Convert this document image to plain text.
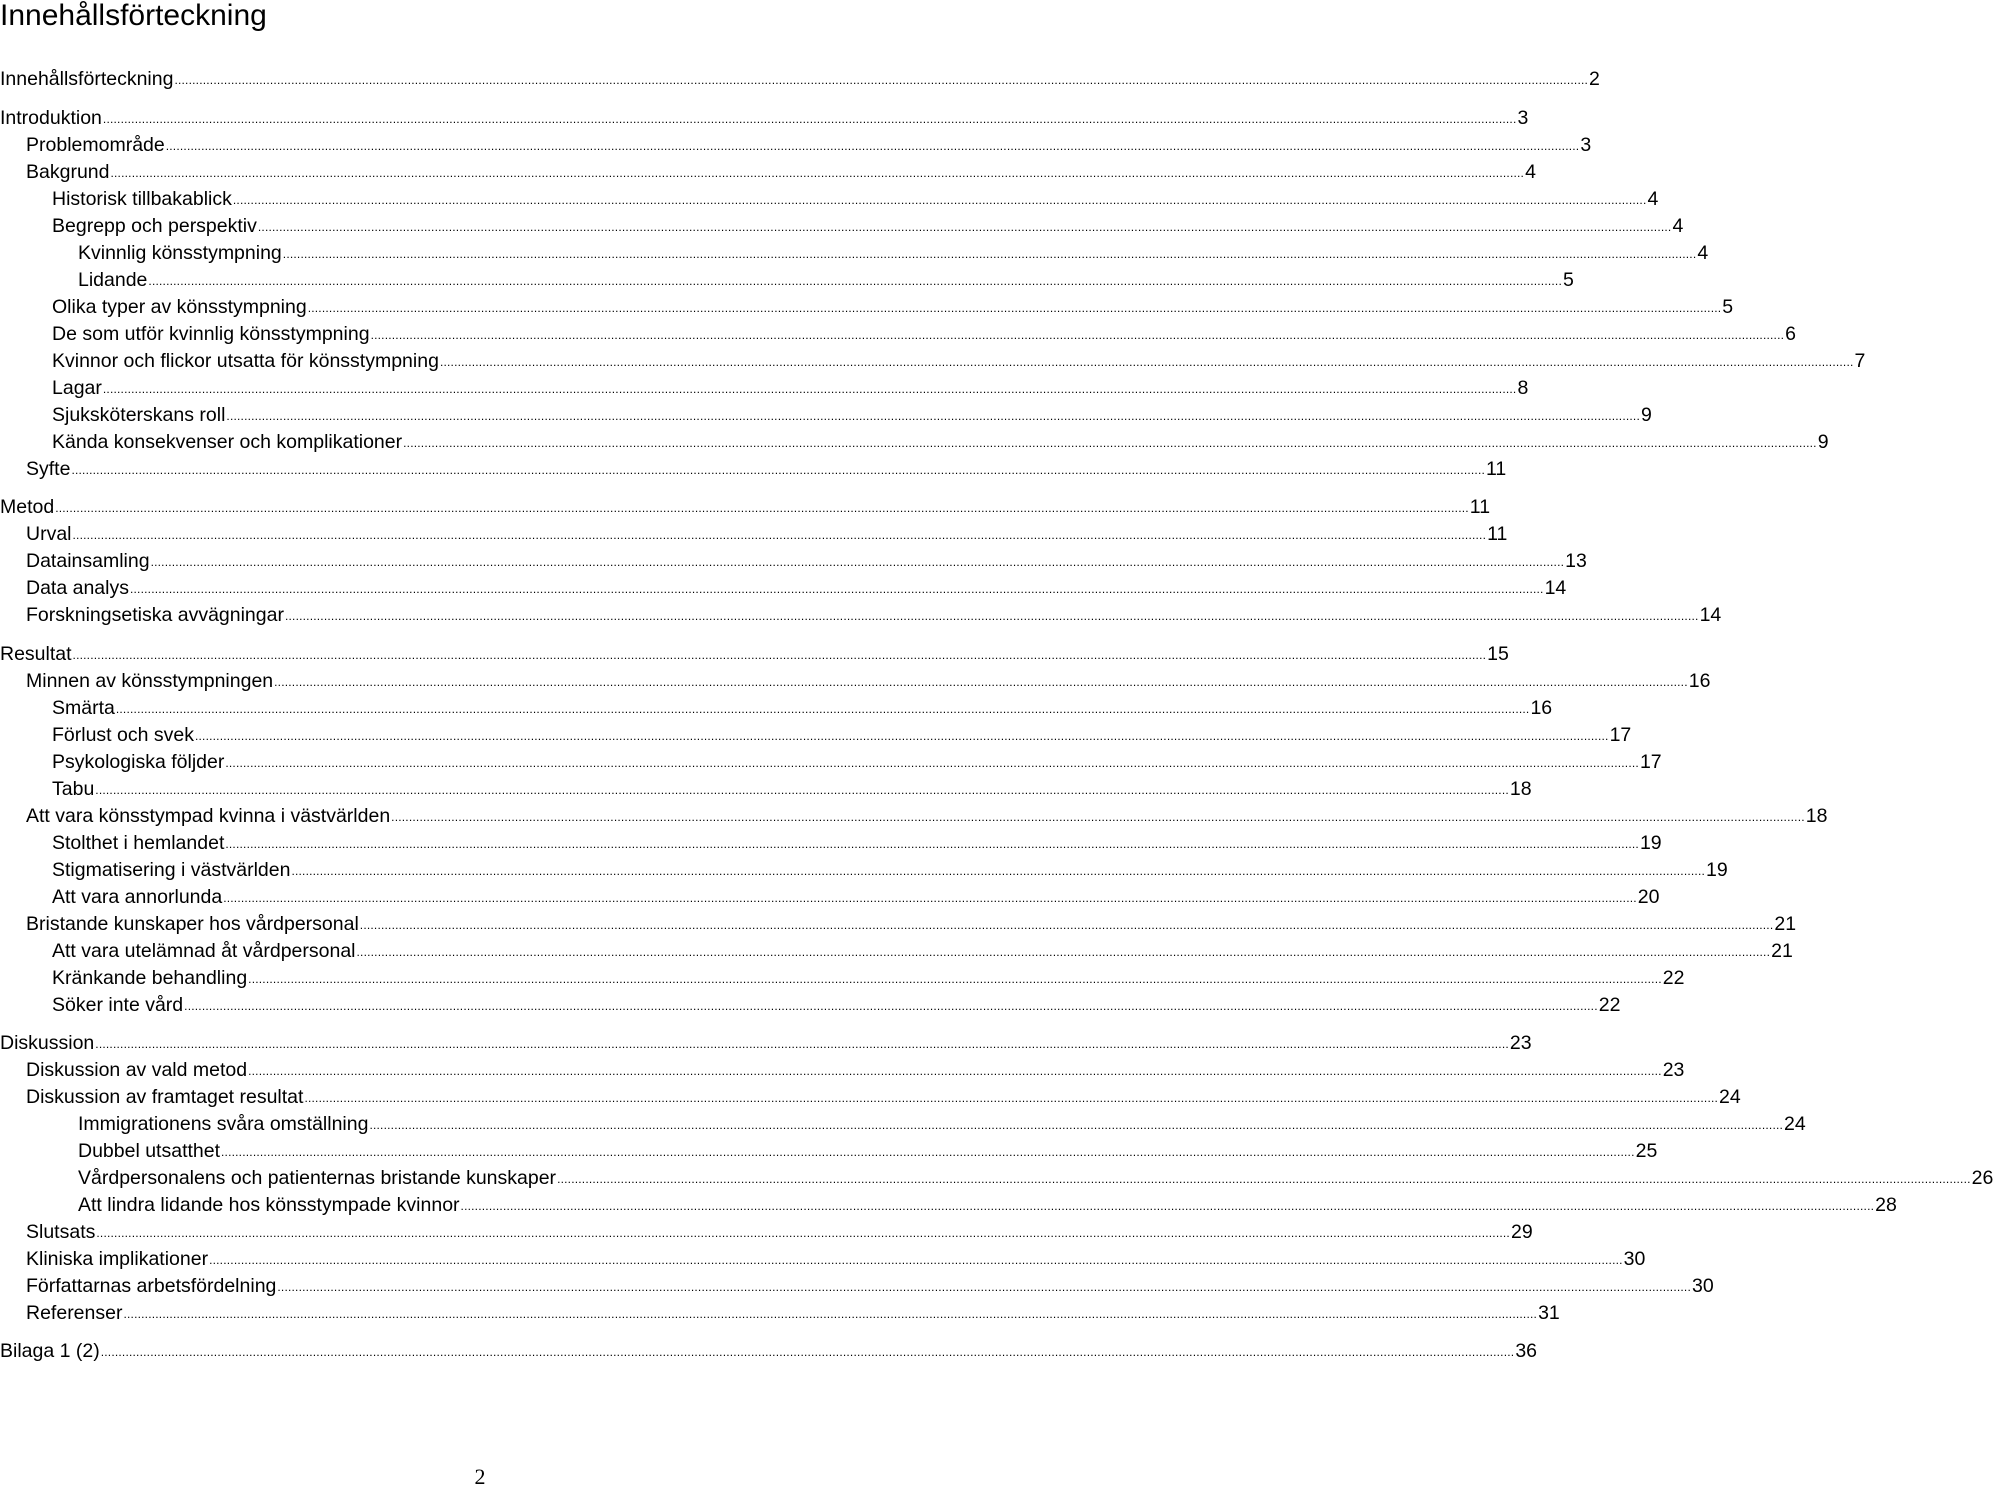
Innehållsförteckning
Innehållsförteckning ................................................................................................................................................................................................................................................................................................................................................................................................................ 2
Introduktion ................................................................................................................................................................................................................................................................................................................................................................................................................ 3
Problemområde ................................................................................................................................................................................................................................................................................................................................................................................................................ 3
Bakgrund ................................................................................................................................................................................................................................................................................................................................................................................................................ 4
Historisk tillbakablick ................................................................................................................................................................................................................................................................................................................................................................................................................ 4
Begrepp och perspektiv ................................................................................................................................................................................................................................................................................................................................................................................................................ 4
Kvinnlig könsstympning ................................................................................................................................................................................................................................................................................................................................................................................................................ 4
Lidande ................................................................................................................................................................................................................................................................................................................................................................................................................ 5
Olika typer av könsstympning ................................................................................................................................................................................................................................................................................................................................................................................................................ 5
De som utför kvinnlig könsstympning ................................................................................................................................................................................................................................................................................................................................................................................................................ 6
Kvinnor och flickor utsatta för könsstympning ................................................................................................................................................................................................................................................................................................................................................................................................................ 7
Lagar ................................................................................................................................................................................................................................................................................................................................................................................................................ 8
Sjuksköterskans roll ................................................................................................................................................................................................................................................................................................................................................................................................................ 9
Kända konsekvenser och komplikationer ................................................................................................................................................................................................................................................................................................................................................................................................................ 9
Syfte ................................................................................................................................................................................................................................................................................................................................................................................................................ 11
Metod ................................................................................................................................................................................................................................................................................................................................................................................................................ 11
Urval ................................................................................................................................................................................................................................................................................................................................................................................................................ 11
Datainsamling ................................................................................................................................................................................................................................................................................................................................................................................................................ 13
Data analys ................................................................................................................................................................................................................................................................................................................................................................................................................ 14
Forskningsetiska avvägningar ................................................................................................................................................................................................................................................................................................................................................................................................................ 14
Resultat ................................................................................................................................................................................................................................................................................................................................................................................................................ 15
Minnen av könsstympningen ................................................................................................................................................................................................................................................................................................................................................................................................................ 16
Smärta ................................................................................................................................................................................................................................................................................................................................................................................................................ 16
Förlust och svek ................................................................................................................................................................................................................................................................................................................................................................................................................ 17
Psykologiska följder ................................................................................................................................................................................................................................................................................................................................................................................................................ 17
Tabu ................................................................................................................................................................................................................................................................................................................................................................................................................ 18
Att vara könsstympad kvinna i västvärlden ................................................................................................................................................................................................................................................................................................................................................................................................................ 18
Stolthet i hemlandet ................................................................................................................................................................................................................................................................................................................................................................................................................ 19
Stigmatisering i västvärlden ................................................................................................................................................................................................................................................................................................................................................................................................................ 19
Att vara annorlunda ................................................................................................................................................................................................................................................................................................................................................................................................................ 20
Bristande kunskaper hos vårdpersonal ................................................................................................................................................................................................................................................................................................................................................................................................................ 21
Att vara utelämnad åt vårdpersonal ................................................................................................................................................................................................................................................................................................................................................................................................................ 21
Kränkande behandling ................................................................................................................................................................................................................................................................................................................................................................................................................ 22
Söker inte vård ................................................................................................................................................................................................................................................................................................................................................................................................................ 22
Diskussion ................................................................................................................................................................................................................................................................................................................................................................................................................ 23
Diskussion av vald metod ................................................................................................................................................................................................................................................................................................................................................................................................................ 23
Diskussion av framtaget resultat ................................................................................................................................................................................................................................................................................................................................................................................................................ 24
Immigrationens svåra omställning ................................................................................................................................................................................................................................................................................................................................................................................................................ 24
Dubbel utsatthet ................................................................................................................................................................................................................................................................................................................................................................................................................ 25
Vårdpersonalens och patienternas bristande kunskaper ................................................................................................................................................................................................................................................................................................................................................................................................................ 26
Att lindra lidande hos könsstympade kvinnor ................................................................................................................................................................................................................................................................................................................................................................................................................ 28
Slutsats ................................................................................................................................................................................................................................................................................................................................................................................................................ 29
Kliniska implikationer ................................................................................................................................................................................................................................................................................................................................................................................................................ 30
Författarnas arbetsfördelning ................................................................................................................................................................................................................................................................................................................................................................................................................ 30
Referenser ................................................................................................................................................................................................................................................................................................................................................................................................................ 31
Bilaga 1 (2) ................................................................................................................................................................................................................................................................................................................................................................................................................ 36
2
